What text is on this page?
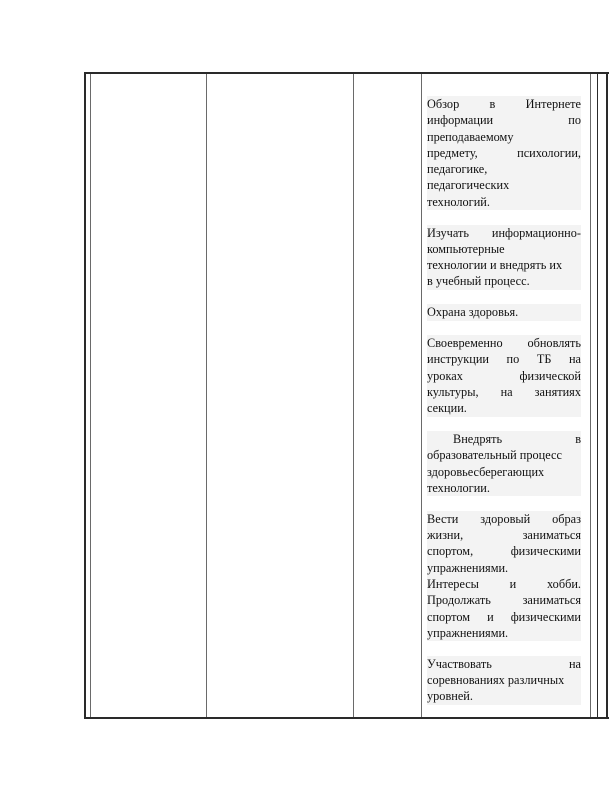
Обзор в Интернете
информации	по
преподаваемому
предмету,	психологии,
педагогике,
педагогических
технологий.
Изучать информационно-
компьютерные
технологии и внедрять их
в учебный процесс.
Охрана здоровья.
Своевременно обновлять
инструкции по ТБ на
уроках	физической
культуры, на занятиях
секции.
Внедрять	в
образовательный процесс
здоровьесберегающих
технологии.
Вести здоровый образ
жизни,	заниматься
спортом,	физическими
упражнениями.
Интересы и хобби.
Продолжать	заниматься
спортом и физическими
упражнениями.
Участвовать	на
соревнованиях различных
уровней.
